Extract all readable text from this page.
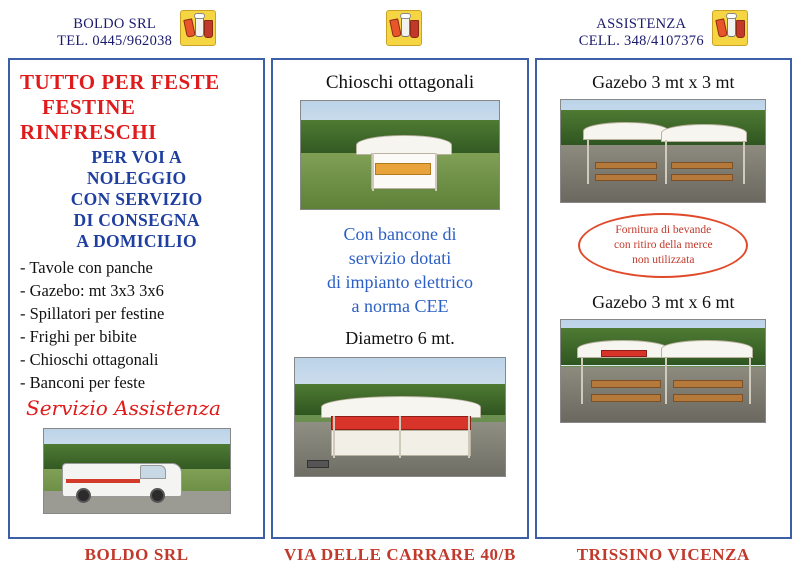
BOLDO SRL
TEL. 0445/962038
TUTTO PER FESTE
FESTINE
RINFRESCHI
PER VOI A
NOLEGGIO
CON SERVIZIO
DI CONSEGNA
A DOMICILIO
- Tavole con panche
- Gazebo: mt 3x3 3x6
- Spillatori per festine
- Frighi per bibite
- Chioschi ottagonali
- Banconi per feste
Servizio Assistenza
BOLDO SRL
Chioschi ottagonali
Con bancone di
servizio dotati
di impianto elettrico
a norma CEE
Diametro 6 mt.
VIA DELLE CARRARE 40/B
ASSISTENZA
CELL. 348/4107376
Gazebo 3 mt x 3 mt
Fornitura di bevande
con ritiro della merce
non utilizzata
Gazebo 3 mt x 6 mt
TRISSINO VICENZA
